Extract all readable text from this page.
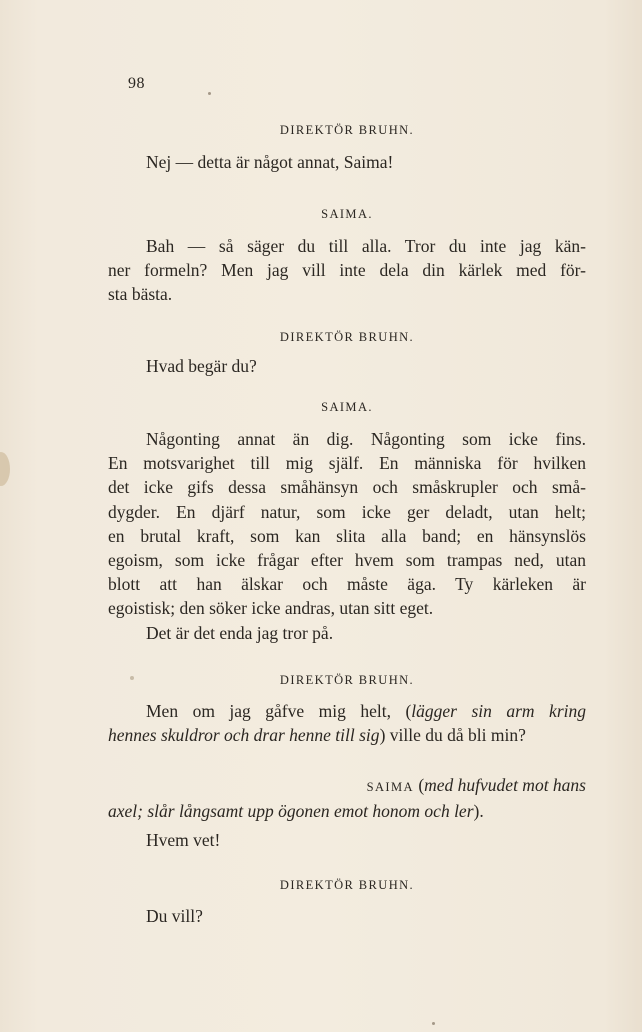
98
DIREKTÖR BRUHN.
Nej — detta är något annat, Saima!
SAIMA.
Bah — så säger du till alla. Tror du inte jag kän-
ner formeln? Men jag vill inte dela din kärlek med för-
sta bästa.
DIREKTÖR BRUHN.
Hvad begär du?
SAIMA.
Någonting annat än dig. Någonting som icke fins.
En motsvarighet till mig själf. En människa för hvilken
det icke gifs dessa småhänsyn och småskrupler och små-
dygder. En djärf natur, som icke ger deladt, utan helt;
en brutal kraft, som kan slita alla band; en hänsynslös
egoism, som icke frågar efter hvem som trampas ned, utan
blott att han älskar och måste äga. Ty kärleken är
egoistisk; den söker icke andras, utan sitt eget.
Det är det enda jag tror på.
DIREKTÖR BRUHN.
Men om jag gåfve mig helt, (lägger sin arm kring
hennes skuldror och drar henne till sig) ville du då bli min?
SAIMA (med hufvudet mot hans
axel; slår långsamt upp ögonen emot honom och ler).
Hvem vet!
DIREKTÖR BRUHN.
Du vill?
